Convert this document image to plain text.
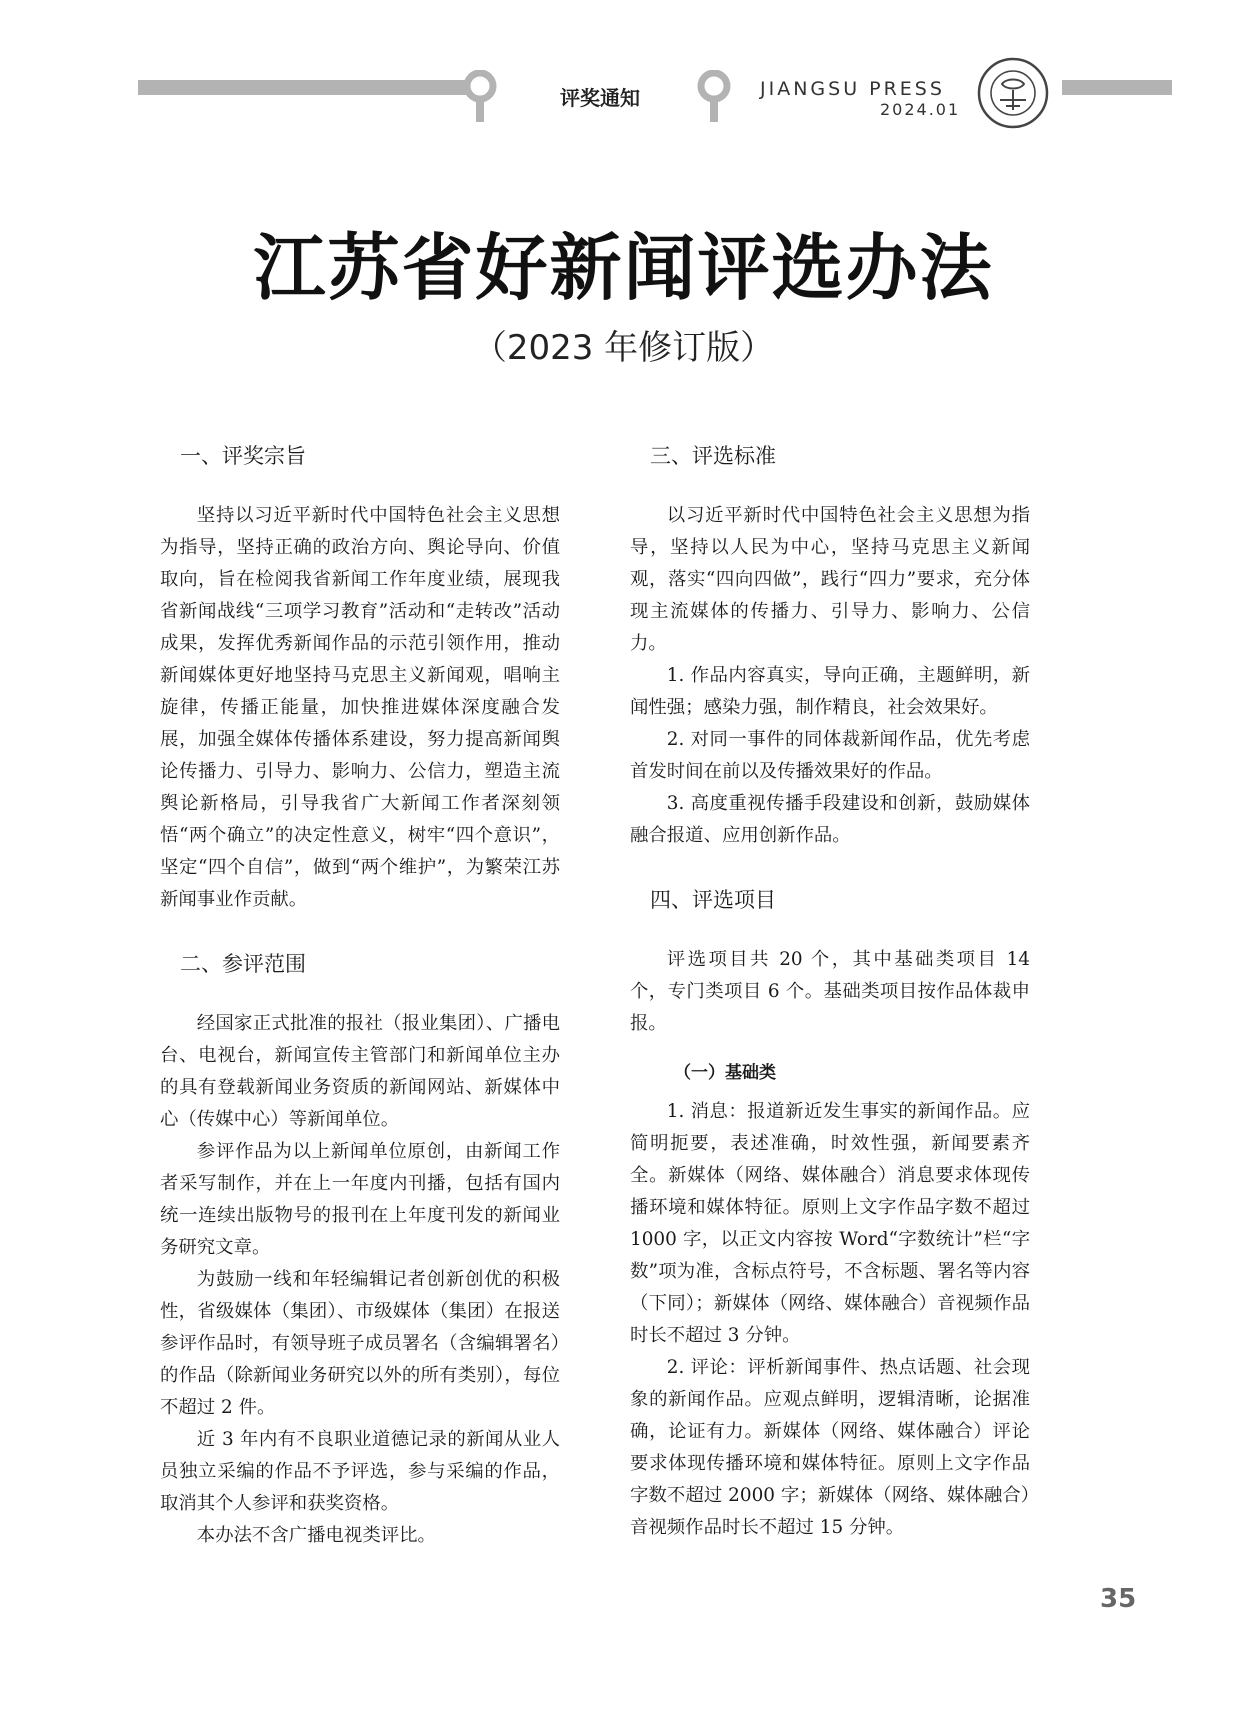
评奖通知	JIANGSU PRESS
2024.01
江苏省好新闻评选办法
（2023 年修订版）
一、评奖宗旨

坚持以习近平新时代中国特色社会主义思想为指导，坚持正确的政治方向、舆论导向、价值取向，旨在检阅我省新闻工作年度业绩，展现我省新闻战线“三项学习教育”活动和“走转改”活动成果，发挥优秀新闻作品的示范引领作用，推动新闻媒体更好地坚持马克思主义新闻观，唱响主旋律，传播正能量，加快推进媒体深度融合发展，加强全媒体传播体系建设，努力提高新闻舆论传播力、引导力、影响力、公信力，塑造主流舆论新格局，引导我省广大新闻工作者深刻领悟“两个确立”的决定性意义，树牢“四个意识”，坚定“四个自信”，做到“两个维护”，为繁荣江苏新闻事业作贡献。

二、参评范围

经国家正式批准的报社（报业集团）、广播电台、电视台，新闻宣传主管部门和新闻单位主办的具有登载新闻业务资质的新闻网站、新媒体中心（传媒中心）等新闻单位。

参评作品为以上新闻单位原创，由新闻工作者采写制作，并在上一年度内刊播，包括有国内统一连续出版物号的报刊在上年度刊发的新闻业务研究文章。

为鼓励一线和年轻编辑记者创新创优的积极性，省级媒体（集团）、市级媒体（集团）在报送参评作品时，有领导班子成员署名（含编辑署名）的作品（除新闻业务研究以外的所有类别），每位不超过 2 件。

近 3 年内有不良职业道德记录的新闻从业人员独立采编的作品不予评选，参与采编的作品，取消其个人参评和获奖资格。

本办法不含广播电视类评比。

三、评选标准

以习近平新时代中国特色社会主义思想为指导，坚持以人民为中心，坚持马克思主义新闻观，落实“四向四做”，践行“四力”要求，充分体现主流媒体的传播力、引导力、影响力、公信力。

1. 作品内容真实，导向正确，主题鲜明，新闻性强；感染力强，制作精良，社会效果好。

2. 对同一事件的同体裁新闻作品，优先考虑首发时间在前以及传播效果好的作品。

3. 高度重视传播手段建设和创新，鼓励媒体融合报道、应用创新作品。

四、评选项目

评选项目共 20 个，其中基础类项目 14 个，专门类项目 6 个。基础类项目按作品体裁申报。

（一）基础类

1. 消息：报道新近发生事实的新闻作品。应简明扼要，表述准确，时效性强，新闻要素齐全。新媒体（网络、媒体融合）消息要求体现传播环境和媒体特征。原则上文字作品字数不超过 1000 字，以正文内容按 Word“字数统计”栏“字数”项为准，含标点符号，不含标题、署名等内容（下同）；新媒体（网络、媒体融合）音视频作品时长不超过 3 分钟。

2. 评论：评析新闻事件、热点话题、社会现象的新闻作品。应观点鲜明，逻辑清晰，论据准确，论证有力。新媒体（网络、媒体融合）评论要求体现传播环境和媒体特征。原则上文字作品字数不超过 2000 字；新媒体（网络、媒体融合）音视频作品时长不超过 15 分钟。

35
